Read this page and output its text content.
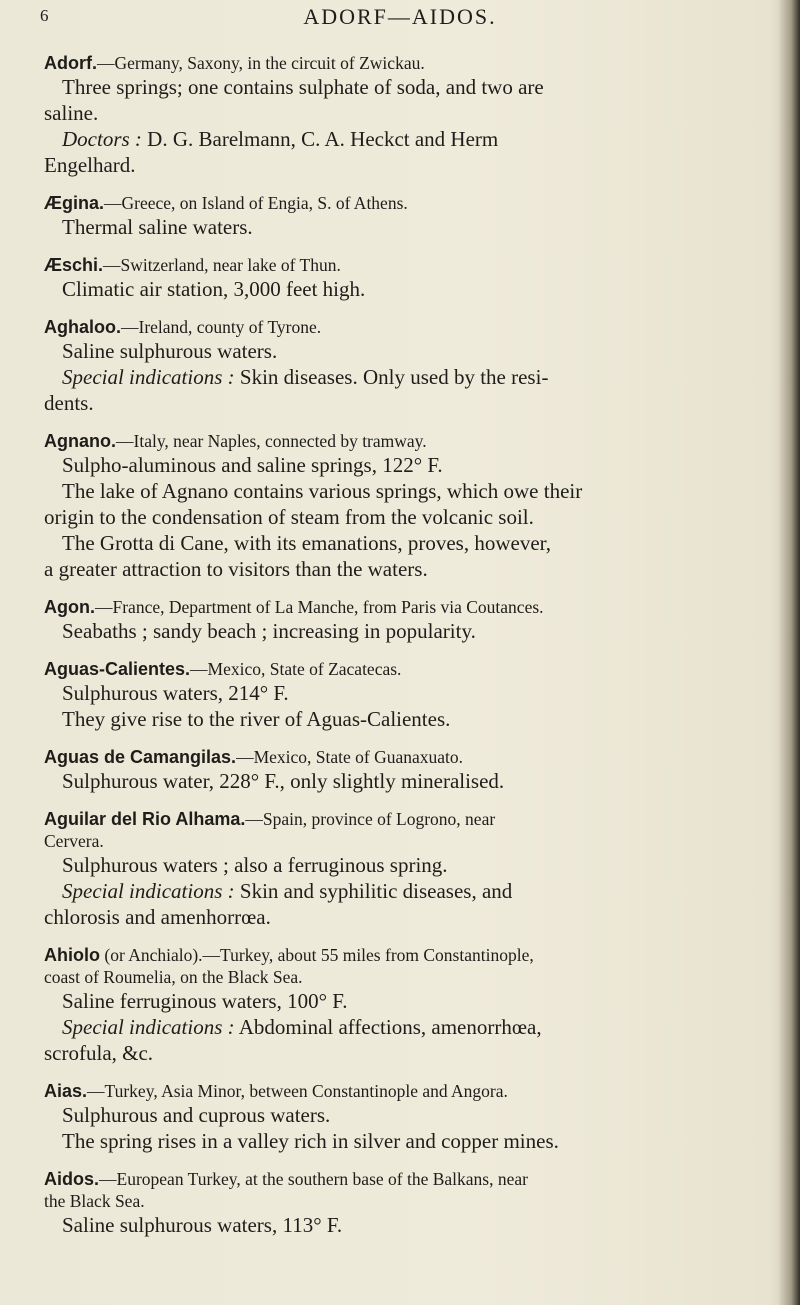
6	ADORF—AIDOS.

Adorf.—Germany, Saxony, in the circuit of Zwickau.

Three springs; one contains sulphate of soda, and two are

saline.

Doctors : D. G. Barelmann, C. A. Heckct and Herm

Engelhard.

Ægina.—Greece, on Island of Engia, S. of Athens.

Thermal saline waters.

Æschi.—Switzerland, near lake of Thun.

Climatic air station, 3,000 feet high.

Aghaloo.—Ireland, county of Tyrone.

Saline sulphurous waters.

Special indications : Skin diseases. Only used by the resi-

dents.

Agnano.—Italy, near Naples, connected by tramway.

Sulpho-aluminous and saline springs, 122° F.

The lake of Agnano contains various springs, which owe their

origin to the condensation of steam from the volcanic soil.

The Grotta di Cane, with its emanations, proves, however,

a greater attraction to visitors than the waters.

Agon.—France, Department of La Manche, from Paris via Coutances.

Seabaths ; sandy beach ; increasing in popularity.

Aguas-Calientes.—Mexico, State of Zacatecas.

Sulphurous waters, 214° F.

They give rise to the river of Aguas-Calientes.

Aguas de Camangilas.—Mexico, State of Guanaxuato.

Sulphurous water, 228° F., only slightly mineralised.

Aguilar del Rio Alhama.—Spain, province of Logrono, near

Cervera.

Sulphurous waters ; also a ferruginous spring.

Special indications : Skin and syphilitic diseases, and

chlorosis and amenhorrœa.

Ahiolo (or Anchialo).—Turkey, about 55 miles from Constantinople,

coast of Roumelia, on the Black Sea.

Saline ferruginous waters, 100° F.

Special indications : Abdominal affections, amenorrhœa,

scrofula, &c.

Aias.—Turkey, Asia Minor, between Constantinople and Angora.

Sulphurous and cuprous waters.

The spring rises in a valley rich in silver and copper mines.

Aidos.—European Turkey, at the southern base of the Balkans, near

the Black Sea.

Saline sulphurous waters, 113° F.
